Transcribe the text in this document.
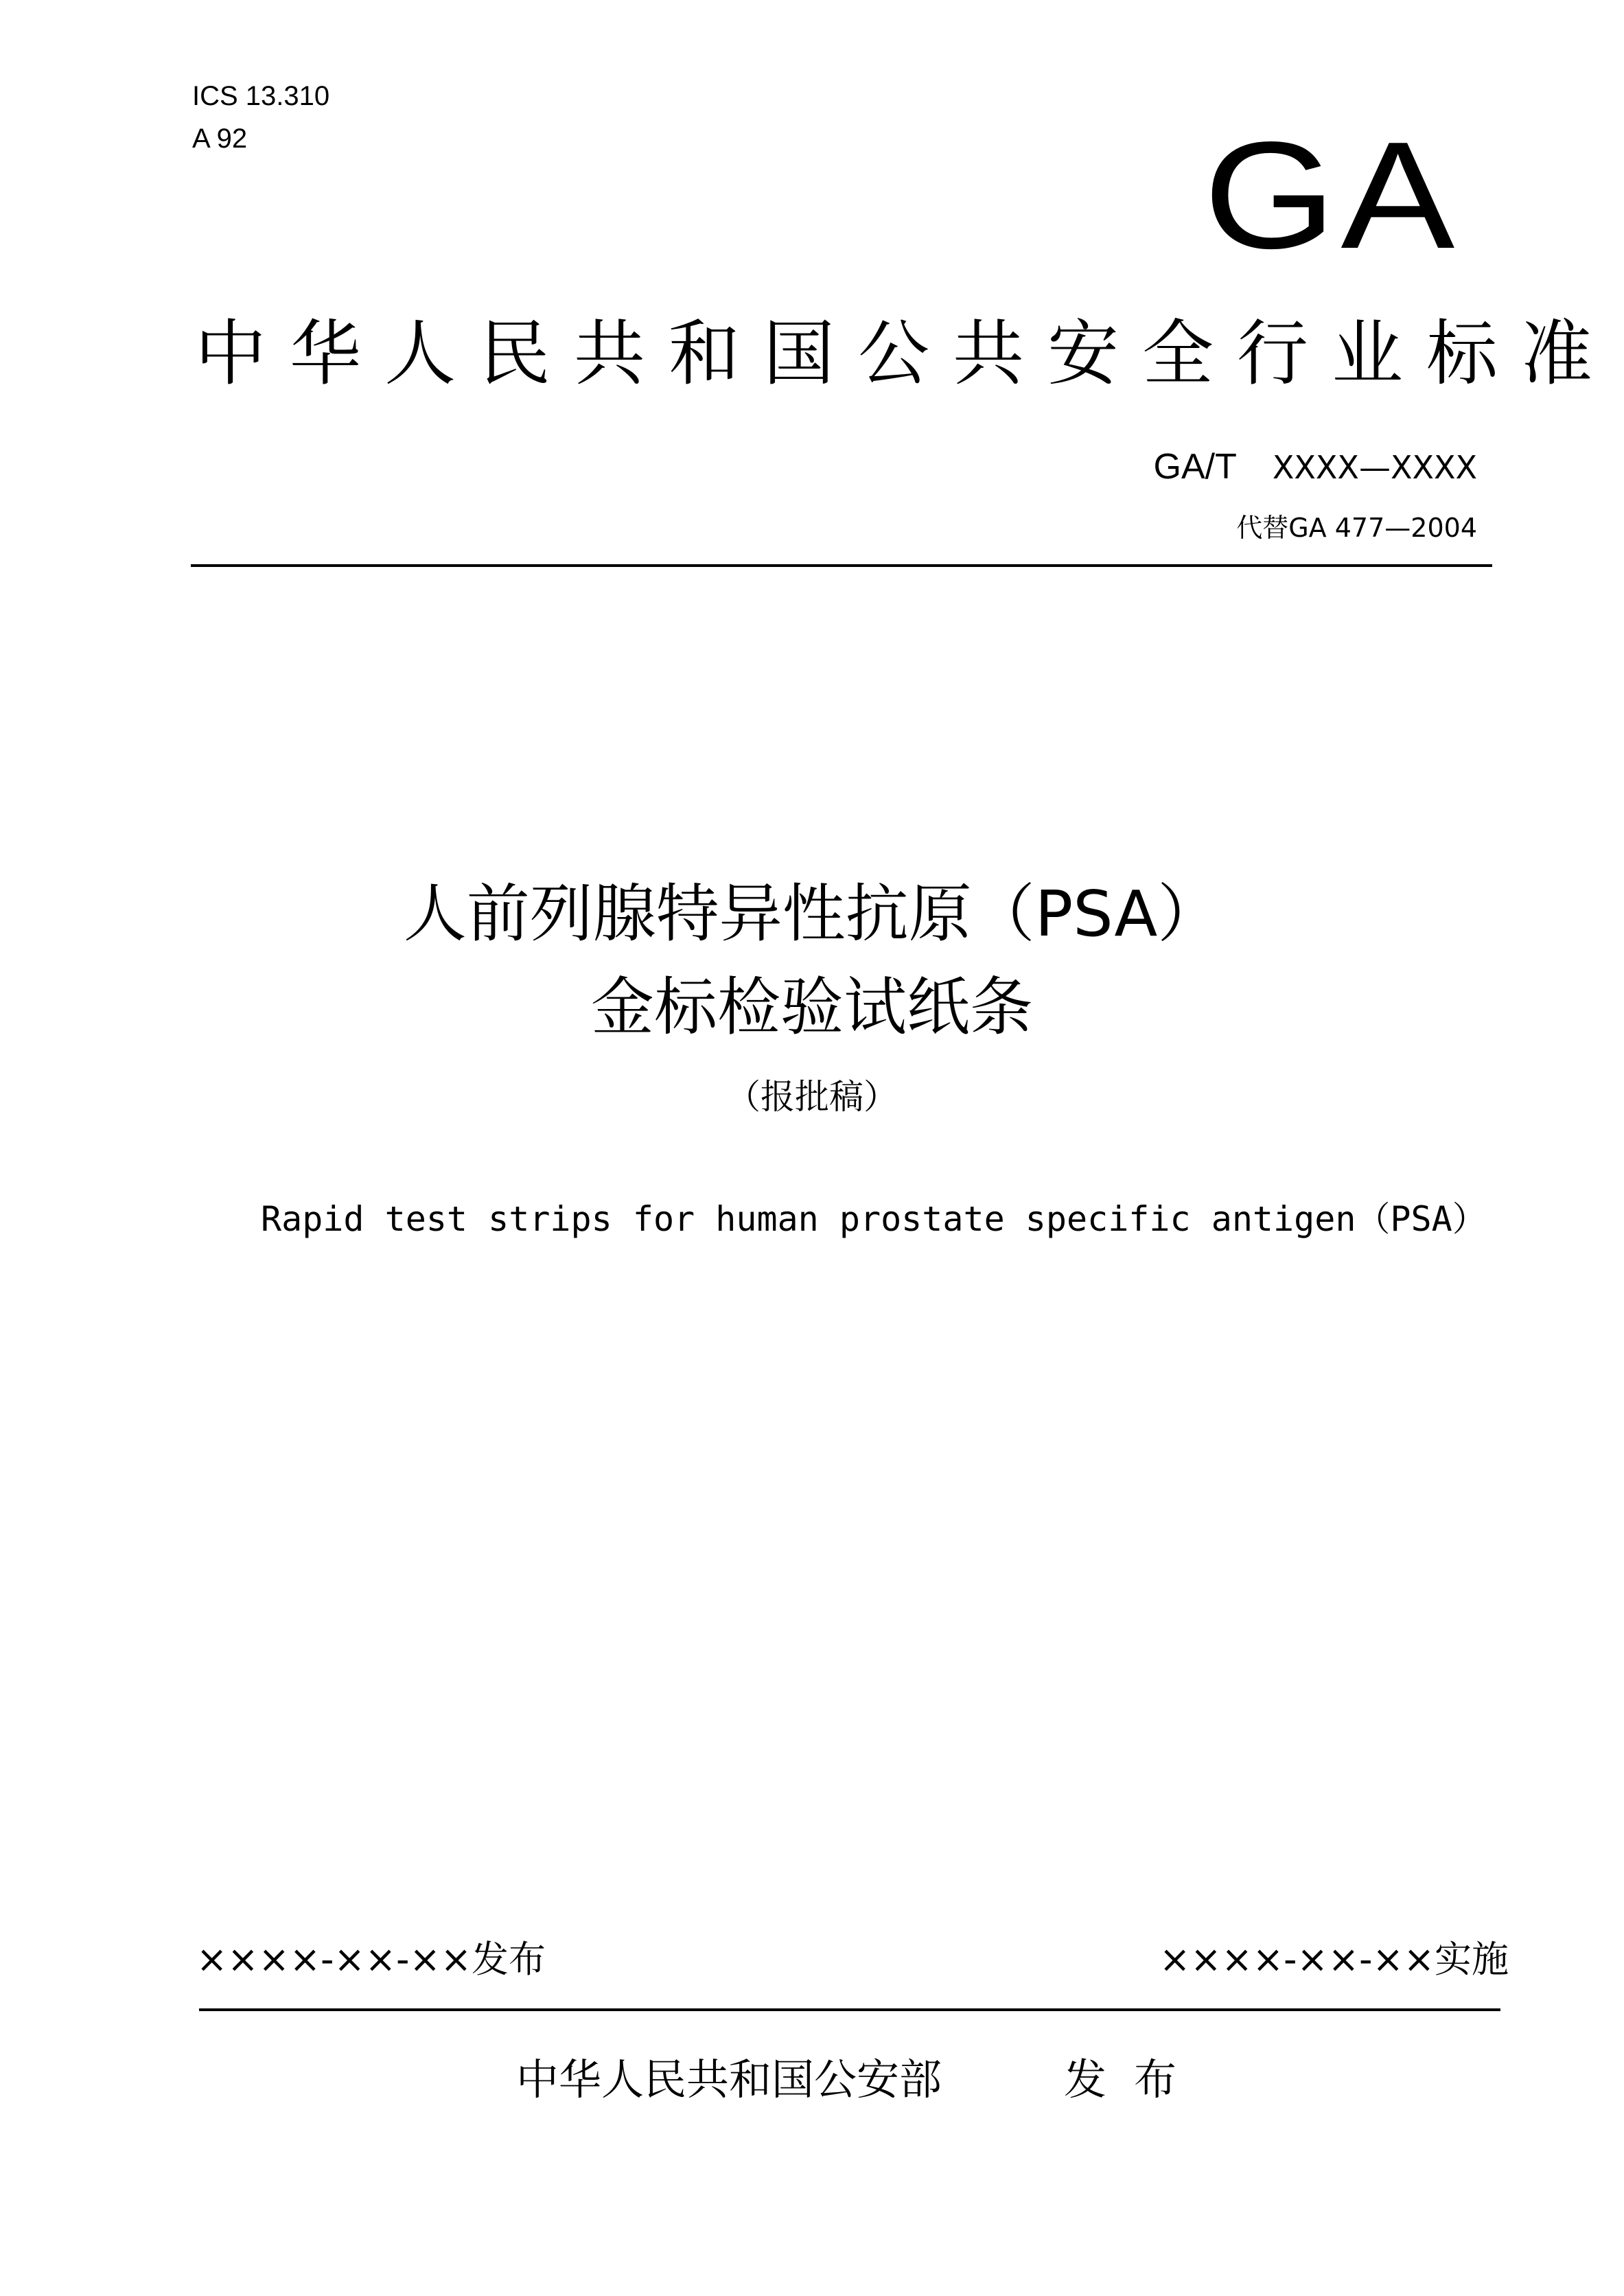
ICS 13.310
A 92	GA
中华人民共和国公共安全行业标准
GA/T XXXX—XXXX
代替GA 477—2004
人前列腺特异性抗原（PSA）
金标检验试纸条
（报批稿）
Rapid test strips for human prostate specific antigen（PSA）
××××-××-××发布	××××-××-××实施
中华人民共和国公安部	发布
